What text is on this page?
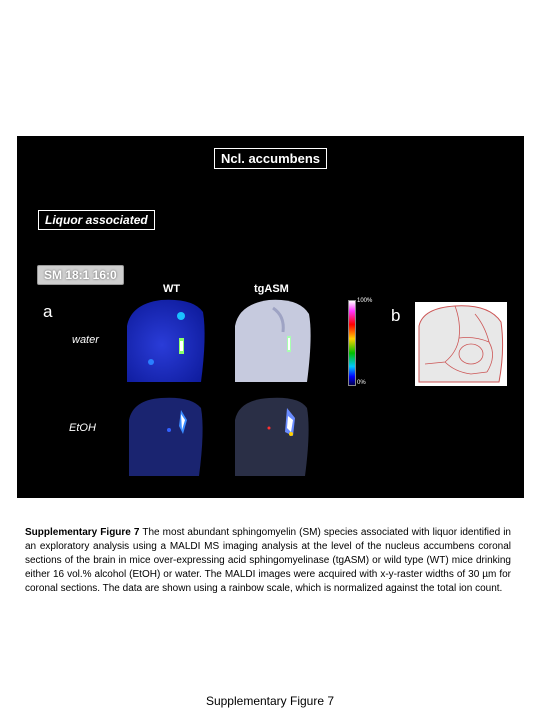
Ncl. accumbens
Liquor associated
SM 18:1 16:0
WT	tgASM
a	b
water
EtOH
100%
0%
Supplementary Figure 7 The most abundant sphingomyelin (SM) species associated with liquor identified in an exploratory analysis using a MALDI MS imaging analysis at the level of the nucleus accumbens coronal sections of the brain in mice over-expressing acid sphingomyelinase (tgASM) or wild type (WT) mice drinking either 16 vol.% alcohol (EtOH) or water. The MALDI images were acquired with x-y-raster widths of 30 µm for coronal sections. The data are shown using a rainbow scale, which is normalized against the total ion count.
Supplementary Figure 7
